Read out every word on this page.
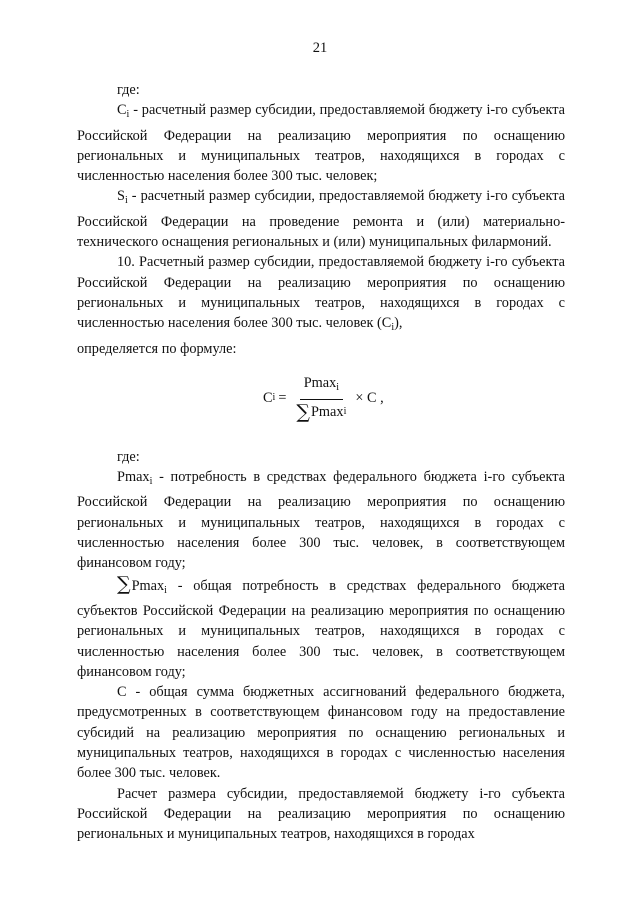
21

где:

$C_i$ - расчетный размер субсидии, предоставляемой бюджету i-го субъекта Российской Федерации на реализацию мероприятия по оснащению региональных и муниципальных театров, находящихся в городах с численностью населения более 300 тыс. человек;

$S_i$ - расчетный размер субсидии, предоставляемой бюджету i-го субъекта Российской Федерации на проведение ремонта и (или) материально-технического оснащения региональных и (или) муниципальных филармоний.

10. Расчетный размер субсидии, предоставляемой бюджету i-го субъекта Российской Федерации на реализацию мероприятия по оснащению региональных и муниципальных театров, находящихся в городах с численностью населения более 300 тыс. человек $(C_i)$,

определяется по формуле:

C $i = \frac{Pmax_i}{\text{∑ Pmax i}} \times C$ ,

где:

Pmax$_i$ - потребность в средствах федерального бюджета i-го субъекта Российской Федерации на реализацию мероприятия по оснащению региональных и муниципальных театров, находящихся в городах с численностью населения более 300 тыс. человек, в соответствующем финансовом году;

∑Pmax$_i$ - общая потребность в средствах федерального бюджета субъектов Российской Федерации на реализацию мероприятия по оснащению региональных и муниципальных театров, находящихся в городах с численностью населения более 300 тыс. человек, в соответствующем финансовом году;

С - общая сумма бюджетных ассигнований федерального бюджета, предусмотренных в соответствующем финансовом году на предоставление субсидий на реализацию мероприятия по оснащению региональных и муниципальных театров, находящихся в городах с численностью населения более 300 тыс. человек.

Расчет размера субсидии, предоставляемой бюджету i-го субъекта Российской Федерации на реализацию мероприятия по оснащению региональных и муниципальных театров, находящихся в городах
